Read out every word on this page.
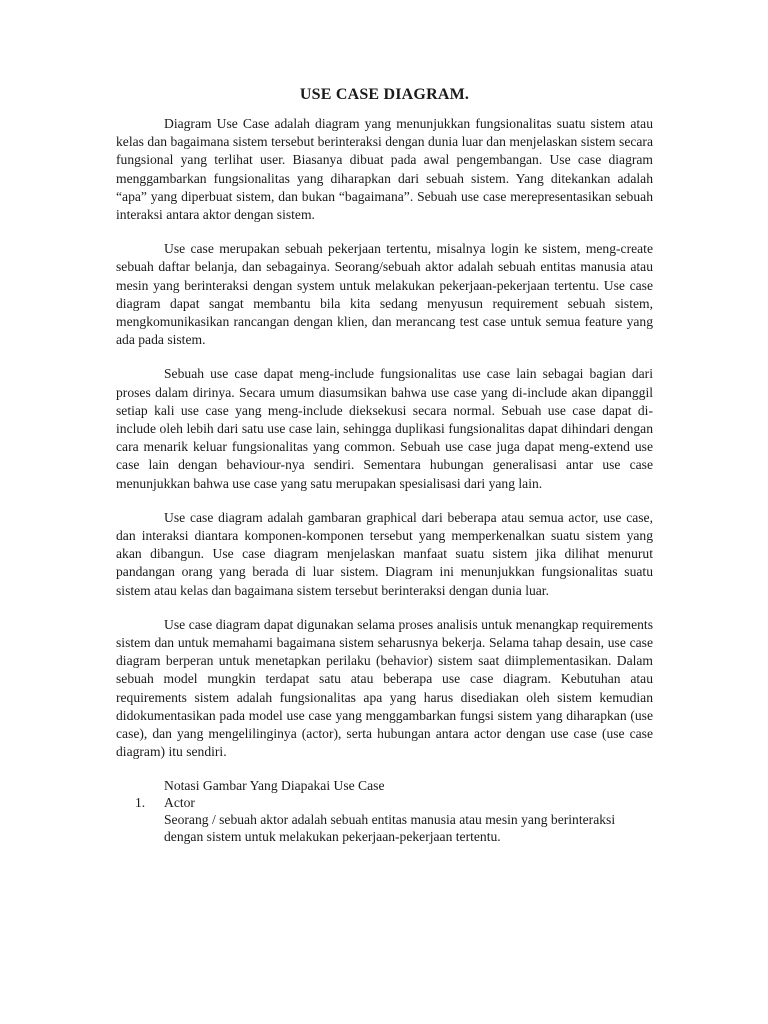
USE CASE DIAGRAM.

Diagram Use Case adalah diagram yang menunjukkan fungsionalitas suatu sistem atau kelas dan bagaimana sistem tersebut berinteraksi dengan dunia luar dan menjelaskan sistem secara fungsional yang terlihat user. Biasanya dibuat pada awal pengembangan. Use case diagram menggambarkan fungsionalitas yang diharapkan dari sebuah sistem. Yang ditekankan adalah “apa” yang diperbuat sistem, dan bukan “bagaimana”. Sebuah use case merepresentasikan sebuah interaksi antara aktor dengan sistem.

Use case merupakan sebuah pekerjaan tertentu, misalnya login ke sistem, meng-create sebuah daftar belanja, dan sebagainya. Seorang/sebuah aktor adalah sebuah entitas manusia atau mesin yang berinteraksi dengan system untuk melakukan pekerjaan-pekerjaan tertentu. Use case diagram dapat sangat membantu bila kita sedang menyusun requirement sebuah sistem, mengkomunikasikan rancangan dengan klien, dan merancang test case untuk semua feature yang ada pada sistem.

Sebuah use case dapat meng-include fungsionalitas use case lain sebagai bagian dari proses dalam dirinya. Secara umum diasumsikan bahwa use case yang di-include akan dipanggil setiap kali use case yang meng-include dieksekusi secara normal. Sebuah use case dapat di-include oleh lebih dari satu use case lain, sehingga duplikasi fungsionalitas dapat dihindari dengan cara menarik keluar fungsionalitas yang common. Sebuah use case juga dapat meng-extend use case lain dengan behaviour-nya sendiri. Sementara hubungan generalisasi antar use case menunjukkan bahwa use case yang satu merupakan spesialisasi dari yang lain.

Use case diagram adalah gambaran graphical dari beberapa atau semua actor, use case, dan interaksi diantara komponen-komponen tersebut yang memperkenalkan suatu sistem yang akan dibangun. Use case diagram menjelaskan manfaat suatu sistem jika dilihat menurut pandangan orang yang berada di luar sistem. Diagram ini menunjukkan fungsionalitas suatu sistem atau kelas dan bagaimana sistem tersebut berinteraksi dengan dunia luar.

Use case diagram dapat digunakan selama proses analisis untuk menangkap requirements sistem dan untuk memahami bagaimana sistem seharusnya bekerja. Selama tahap desain, use case diagram berperan untuk menetapkan perilaku (behavior) sistem saat diimplementasikan. Dalam sebuah model mungkin terdapat satu atau beberapa use case diagram. Kebutuhan atau requirements sistem adalah fungsionalitas apa yang harus disediakan oleh sistem kemudian didokumentasikan pada model use case yang menggambarkan fungsi sistem yang diharapkan (use case), dan yang mengelilinginya (actor), serta hubungan antara actor dengan use case (use case diagram) itu sendiri.

Notasi Gambar Yang Diapakai Use Case
1.	Actor
Seorang / sebuah aktor adalah sebuah entitas manusia atau mesin yang berinteraksi dengan sistem untuk melakukan pekerjaan-pekerjaan tertentu.
